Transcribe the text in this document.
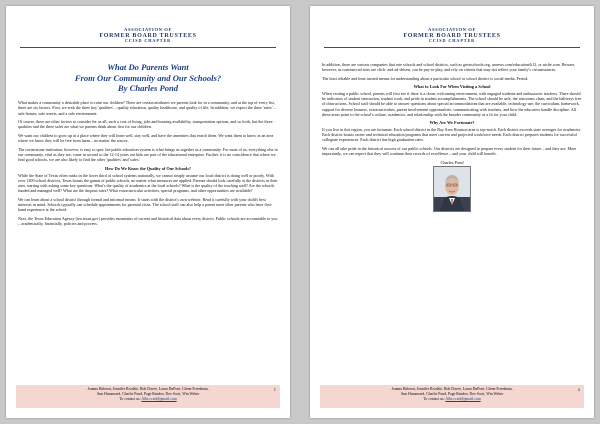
ASSOCIATION OF
FORMER BOARD TRUSTEES
CCISD CHAPTER
What Do Parents Want
From Our Community and Our Schools?
By Charles Pond

What makes a community a desirable place to raise our children? There are certain attributes we parents look for in a community, and at the top of every list, there are six factors. First, we seek the three key 'qualities' – quality education, quality healthcare, and quality of life. In addition, we expect the three 'safes' – safe homes, safe streets, and a safe environment.

Of course, there are other factors to consider for us all, such a cost of living, jobs and housing availability, transportation options, and so forth, but the three qualities and the three safes are what we parents think about first for our children.

We want our children to grow up in a place where they will learn well, stay well, and have the amenities that enrich them. We want them to know as an area where we know they will be free from harm – no matter the source.

The cornerstone institution, however, is easy to spot: the public education system is what brings us together as a community. For most of us, everything else in our community, vital as they are, come in second to the 12-14 years our kids are part of the educational enterprise. Further, it is no coincidence that where we find good schools, we are also likely to find the other 'qualities' and 'safes.'

How Do We Know the Quality of Our Schools?

While the State of Texas often ranks in the lower third of school systems nationally, we cannot simply assume our local district is doing well or poorly. With over 1200 school districts, Texas boasts the gamut of public schools, no matter what measures are applied. Parents should look carefully at the districts in their area, starting with asking some key questions: What's the quality of academics at the local schools? What is the quality of the teaching staff? Are the schools funded and managed well? What are the dropout rates? What extracurricular activities, special programs, and other opportunities are available?

We can learn about a school district through formal and informal means. It starts with the district's own website. Read it carefully with your child's best interests in mind. Schools typically can schedule appointments for parental visits. The school staff can also help a parent meet other parents who have first-hand experience at the school.

Next, the Texas Education Agency (tea.texas.gov) provides mountains of current and historical data about every district. Public schools are accountable to you – academically, financially, policies and process.

1
Joanna Baleron, Jennifer Brodzle, Bob Davee, Laura DuPont, Glenn Freedman,
Ann Hammond, Charlie Pond, Page Randee, Dee Scott, Win Weber
To contact us: Afbt.ccisd@gmail.com
ASSOCIATION OF
FORMER BOARD TRUSTEES
CCISD CHAPTER

In addition, there are various companies that rate schools and school districts, such as greatschools.org, usnews.com/education/k12, or niche.com. Beware, however, as commercial sites are click- and ad-driven, can be pay-to-play, and rely on criteria that may not reflect your family's circumstances.

The least reliable and least trusted means for understanding about a particular school or school district is social media. Period.

What to Look For When Visiting a School

When visiting a public school, parents will first see if there is a clean, welcoming environment, with engaged students and enthusiastic teachers. There should be indicators of student interaction, student work, and pride in student accomplishments. The school should be safe, the restrooms clean, and the hallways free of obstructions. School staff should be able to answer questions about special accommodations that are available, technology use, the curriculum, homework, support for diverse learners, extracurriculars, parent involvement opportunities, communicating with teachers, and how the educators handle discipline. All these areas point to the school's culture, academics, and relationship with the broader community as a fit for your child.

Why Are We Fortunate?

If you live in this region, you are fortunate. Each school district in the Bay Area Houston area is top-notch. Each district exceeds state averages for academics. Each district boasts career and technical education programs that meet current and projected workforce needs. Each district prepares students for successful collegiate experiences. Each district has high graduation rates.

We can all take pride in the historical success of our public schools. Our districts are designed to prepare every student for their future – and they are. More importantly, we can expect that they will continue their records of excellence – and your child will benefit.

Charles Pond
2
Joanna Baleron, Jennifer Brodzle, Bob Davee, Laura DuPont, Glenn Freedman,
Ann Hammond, Charlie Pond, Page Randee, Dee Scott, Win Weber
To contact us: Afbt.ccisd@gmail.com
